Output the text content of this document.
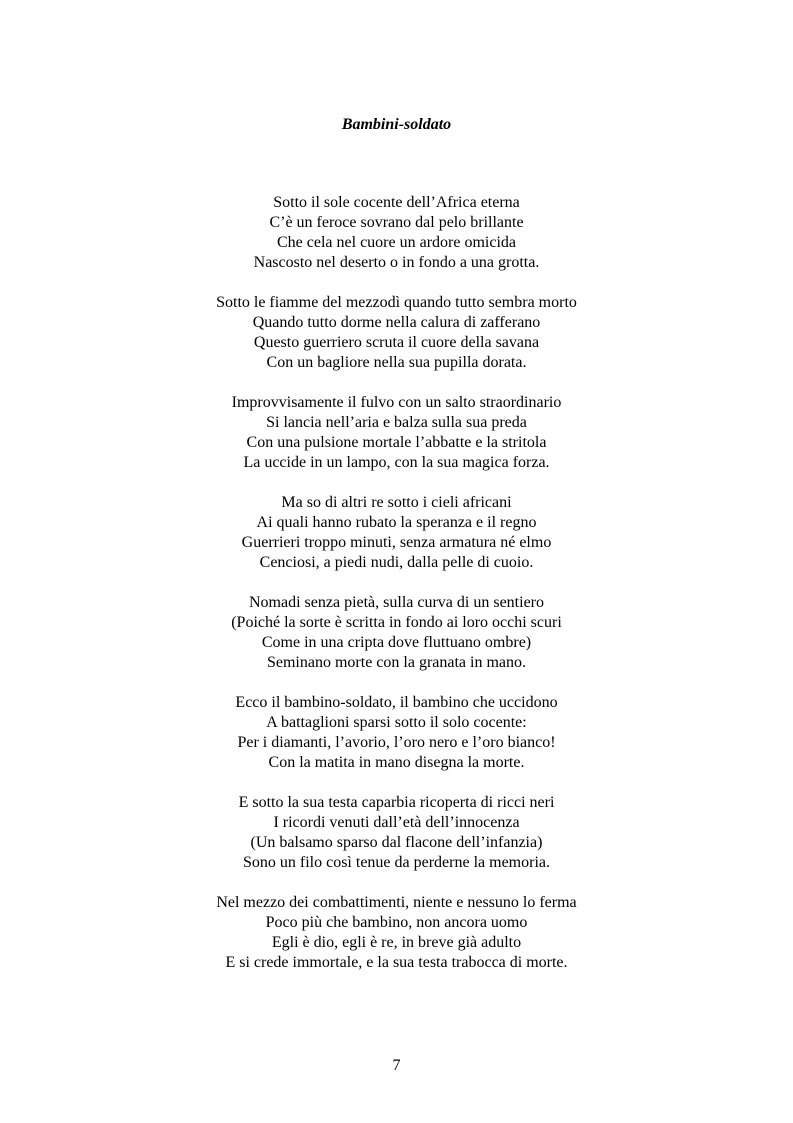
Bambini-soldato
Sotto il sole cocente dell’Africa eterna
C’è un feroce sovrano dal pelo brillante
Che cela nel cuore un ardore omicida
Nascosto nel deserto o in fondo a una grotta.
Sotto le fiamme del mezzodì quando tutto sembra morto
Quando tutto dorme nella calura di zafferano
Questo guerriero scruta il cuore della savana
Con un bagliore nella sua pupilla dorata.
Improvvisamente il fulvo con un salto straordinario
Si lancia nell’aria e balza sulla sua preda
Con una pulsione mortale l’abbatte e la stritola
La uccide in un lampo, con la sua magica forza.
Ma so di altri re sotto i cieli africani
Ai quali hanno rubato la speranza e il regno
Guerrieri troppo minuti, senza armatura né elmo
Cenciosi, a piedi nudi, dalla pelle di cuoio.
Nomadi senza pietà, sulla curva di un sentiero
(Poiché la sorte è scritta in fondo ai loro occhi scuri
Come in una cripta dove fluttuano ombre)
Seminano morte con la granata in mano.
Ecco il bambino-soldato, il bambino che uccidono
A battaglioni sparsi sotto il solo cocente:
Per i diamanti, l’avorio, l’oro nero e l’oro bianco!
Con la matita in mano disegna la morte.
E sotto la sua testa caparbia ricoperta di ricci neri
I ricordi venuti dall’età dell’innocenza
(Un balsamo sparso dal flacone dell’infanzia)
Sono un filo così tenue da perderne la memoria.
Nel mezzo dei combattimenti, niente e nessuno lo ferma
Poco più che bambino, non ancora uomo
Egli è dio, egli è re, in breve già adulto
E si crede immortale, e la sua testa trabocca di morte.
7
